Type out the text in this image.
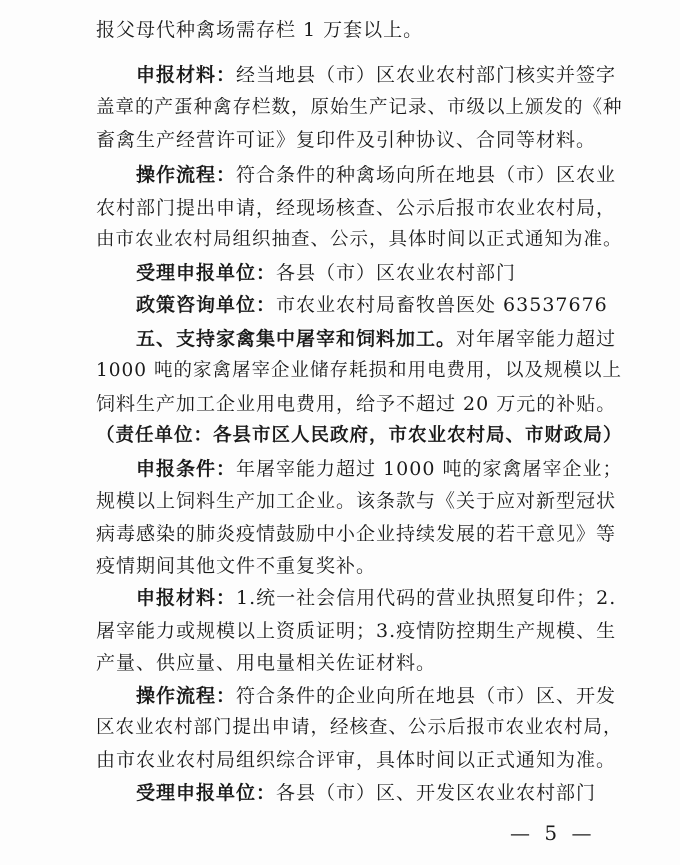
报父母代种禽场需存栏 1 万套以上。
申报材料：经当地县（市）区农业农村部门核实并签字
盖章的产蛋种禽存栏数，原始生产记录、市级以上颁发的《种
畜禽生产经营许可证》复印件及引种协议、合同等材料。
操作流程：符合条件的种禽场向所在地县（市）区农业
农村部门提出申请，经现场核查、公示后报市农业农村局，
由市农业农村局组织抽查、公示，具体时间以正式通知为准。
受理申报单位：各县（市）区农业农村部门
政策咨询单位：市农业农村局畜牧兽医处 63537676
五、支持家禽集中屠宰和饲料加工。对年屠宰能力超过
1000 吨的家禽屠宰企业储存耗损和用电费用，以及规模以上
饲料生产加工企业用电费用，给予不超过 20 万元的补贴。
（责任单位：各县市区人民政府，市农业农村局、市财政局）
申报条件：年屠宰能力超过 1000 吨的家禽屠宰企业；
规模以上饲料生产加工企业。该条款与《关于应对新型冠状
病毒感染的肺炎疫情鼓励中小企业持续发展的若干意见》等
疫情期间其他文件不重复奖补。
申报材料：1.统一社会信用代码的营业执照复印件；2.
屠宰能力或规模以上资质证明；3.疫情防控期生产规模、生
产量、供应量、用电量相关佐证材料。
操作流程：符合条件的企业向所在地县（市）区、开发
区农业农村部门提出申请，经核查、公示后报市农业农村局，
由市农业农村局组织综合评审，具体时间以正式通知为准。
受理申报单位：各县（市）区、开发区农业农村部门
— 5 —
